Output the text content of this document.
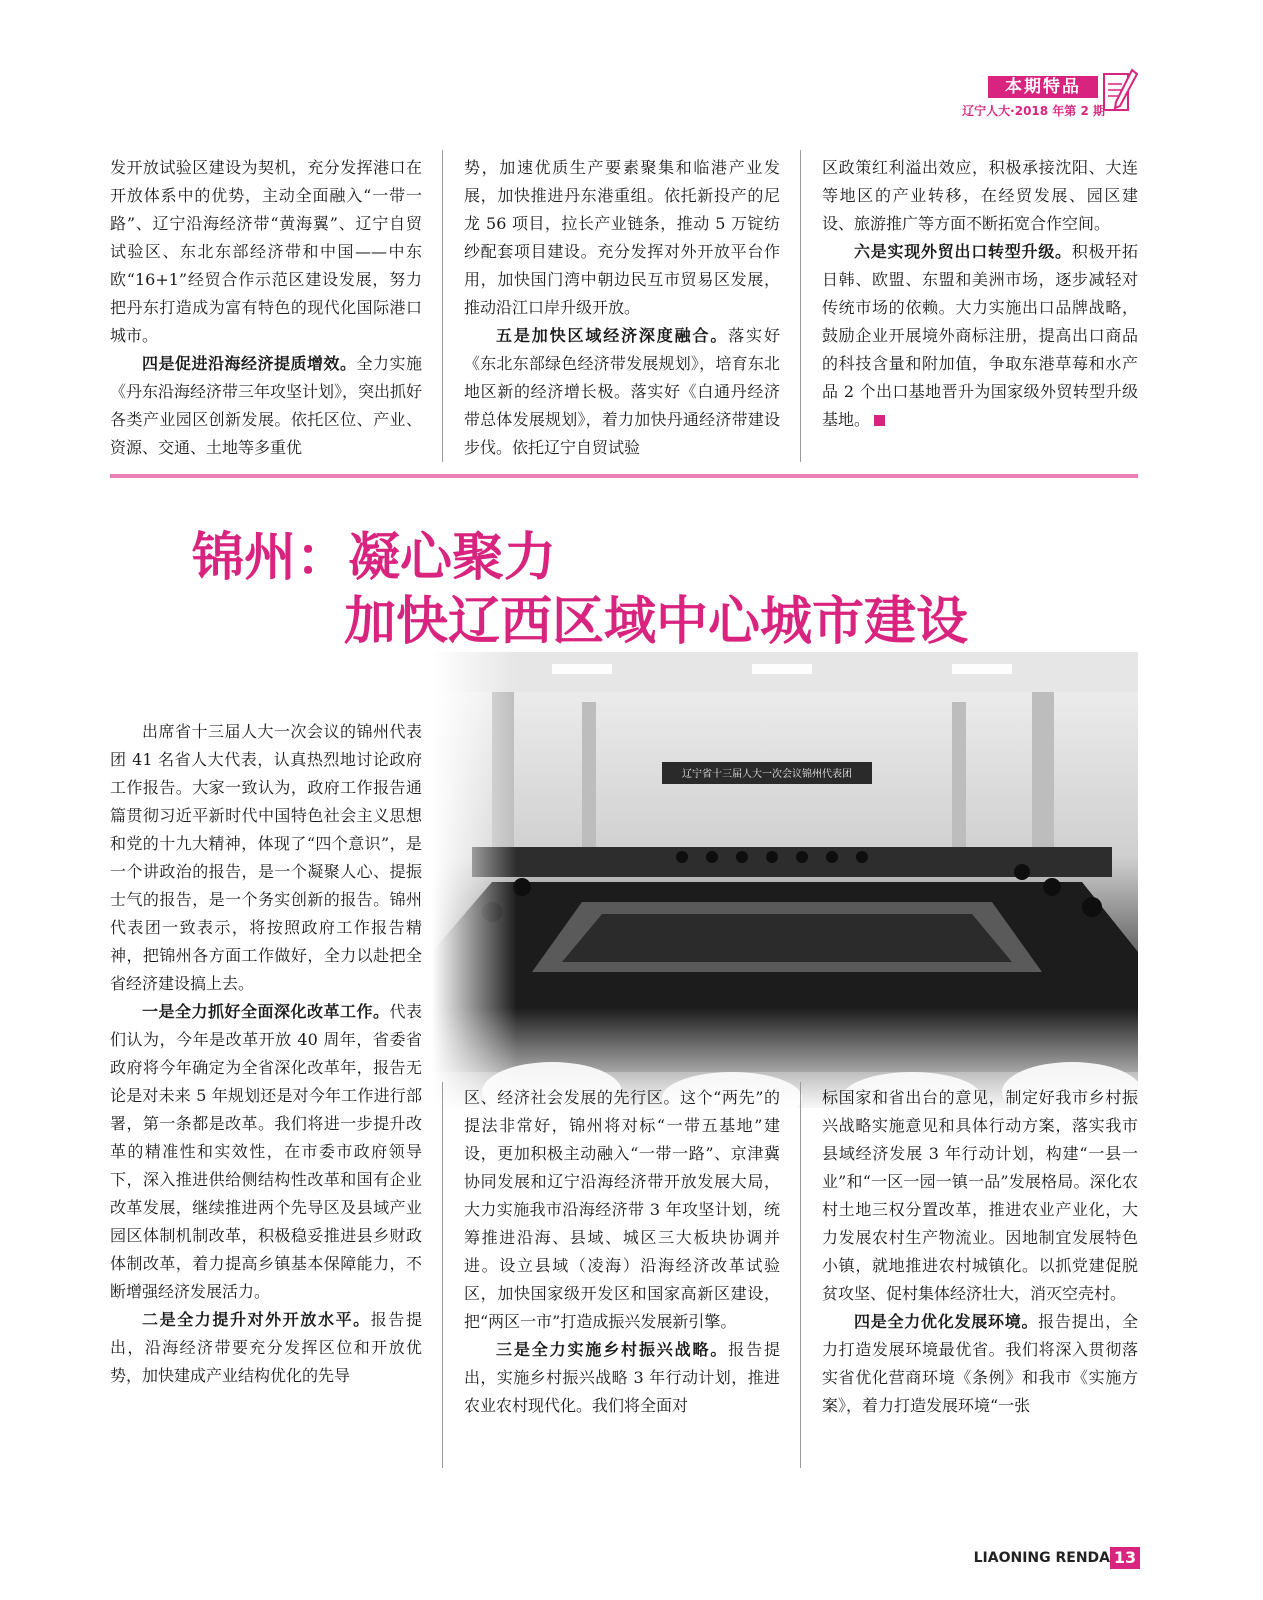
本期特品
辽宁人大·2018 年第 2 期

发开放试验区建设为契机，充分发挥港口在开放体系中的优势，主动全面融入“一带一路”、辽宁沿海经济带“黄海翼”、辽宁自贸试验区、东北东部经济带和中国——中东欧“16+1”经贸合作示范区建设发展，努力把丹东打造成为富有特色的现代化国际港口城市。

四是促进沿海经济提质增效。全力实施《丹东沿海经济带三年攻坚计划》，突出抓好各类产业园区创新发展。依托区位、产业、资源、交通、土地等多重优

势，加速优质生产要素聚集和临港产业发展，加快推进丹东港重组。依托新投产的尼龙 56 项目，拉长产业链条，推动 5 万锭纺纱配套项目建设。充分发挥对外开放平台作用，加快国门湾中朝边民互市贸易区发展，推动沿江口岸升级开放。

五是加快区域经济深度融合。落实好《东北东部绿色经济带发展规划》，培育东北地区新的经济增长极。落实好《白通丹经济带总体发展规划》，着力加快丹通经济带建设步伐。依托辽宁自贸试验

区政策红利溢出效应，积极承接沈阳、大连等地区的产业转移，在经贸发展、园区建设、旅游推广等方面不断拓宽合作空间。

六是实现外贸出口转型升级。积极开拓日韩、欧盟、东盟和美洲市场，逐步减轻对传统市场的依赖。大力实施出口品牌战略，鼓励企业开展境外商标注册，提高出口商品的科技含量和附加值，争取东港草莓和水产品 2 个出口基地晋升为国家级外贸转型升级基地。

锦州：凝心聚力
加快辽西区域中心城市建设

出席省十三届人大一次会议的锦州代表团 41 名省人大代表，认真热烈地讨论政府工作报告。大家一致认为，政府工作报告通篇贯彻习近平新时代中国特色社会主义思想和党的十九大精神，体现了“四个意识”，是一个讲政治的报告，是一个凝聚人心、提振士气的报告，是一个务实创新的报告。锦州代表团一致表示，将按照政府工作报告精神，把锦州各方面工作做好，全力以赴把全省经济建设搞上去。

一是全力抓好全面深化改革工作。代表们认为，今年是改革开放 40 周年，省委省政府将今年确定为全省深化改革年，报告无论是对未来 5 年规划还是对今年工作进行部署，第一条都是改革。我们将进一步提升改革的精准性和实效性，在市委市政府领导下，深入推进供给侧结构性改革和国有企业改革发展，继续推进两个先导区及县域产业园区体制机制改革，积极稳妥推进县乡财政体制改革，着力提高乡镇基本保障能力，不断增强经济发展活力。

二是全力提升对外开放水平。报告提出，沿海经济带要充分发挥区位和开放优势，加快建成产业结构优化的先导

区、经济社会发展的先行区。这个“两先”的提法非常好，锦州将对标“一带五基地”建设，更加积极主动融入“一带一路”、京津冀协同发展和辽宁沿海经济带开放发展大局，大力实施我市沿海经济带 3 年攻坚计划，统筹推进沿海、县域、城区三大板块协调并进。设立县域（凌海）沿海经济改革试验区，加快国家级开发区和国家高新区建设，把“两区一市”打造成振兴发展新引擎。

三是全力实施乡村振兴战略。报告提出，实施乡村振兴战略 3 年行动计划，推进农业农村现代化。我们将全面对

标国家和省出台的意见，制定好我市乡村振兴战略实施意见和具体行动方案，落实我市县域经济发展 3 年行动计划，构建“一县一业”和“一区一园一镇一品”发展格局。深化农村土地三权分置改革，推进农业产业化，大力发展农村生产物流业。因地制宜发展特色小镇，就地推进农村城镇化。以抓党建促脱贫攻坚、促村集体经济壮大，消灭空壳村。

四是全力优化发展环境。报告提出，全力打造发展环境最优省。我们将深入贯彻落实省优化营商环境《条例》和我市《实施方案》，着力打造发展环境“一张

LIAONING RENDA 13
